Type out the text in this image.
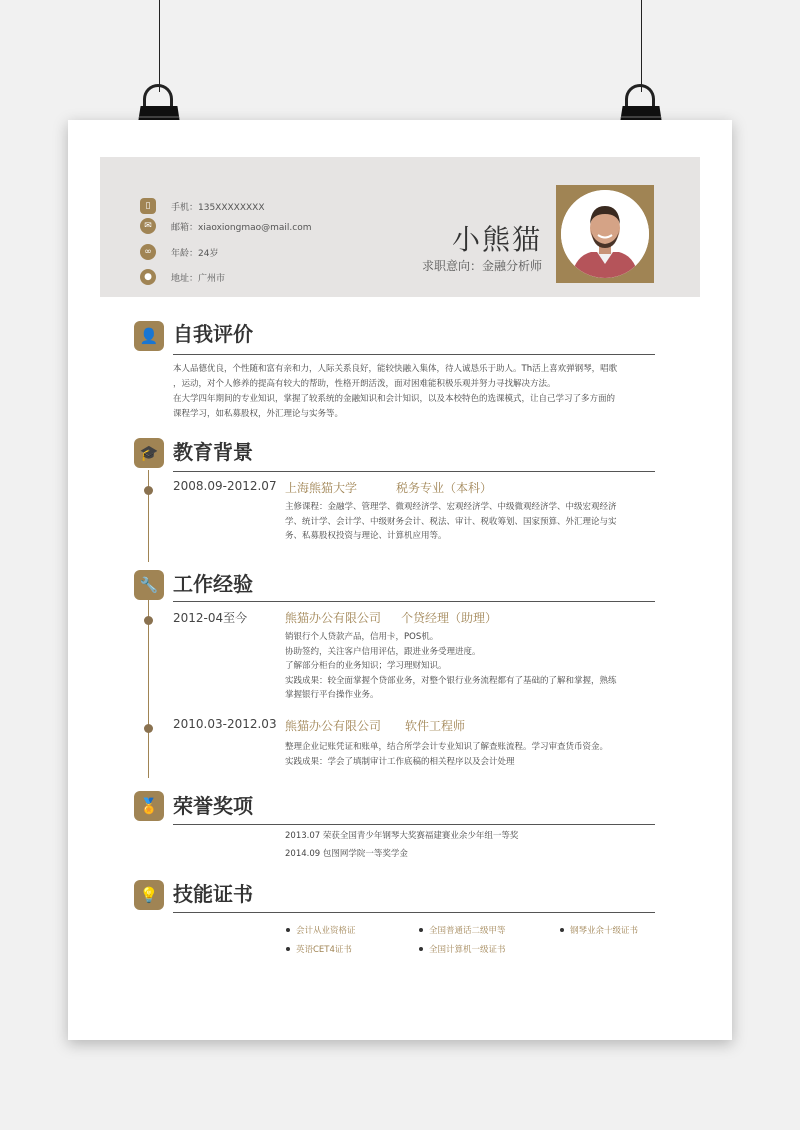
▯	手机：135XXXXXXXX
✉	邮箱：xiaoxiongmao@mail.com
∞	年龄：24岁
●	地址：广州市
小熊猫
求职意向：金融分析师
👤 自我评价
本人品德优良，个性随和富有亲和力，人际关系良好，能较快融入集体，待人诚恳乐于助人。Th活上喜欢弹钢琴，唱歌
，运动，对个人修养的提高有较大的帮助，性格开朗活泼，面对困难能积极乐观并努力寻找解决方法。
在大学四年期间的专业知识，掌握了较系统的金融知识和会计知识，以及本校特色的选课模式，让自己学习了多方面的
课程学习，如私募股权，外汇理论与实务等。
🎓 教育背景
2008.09-2012.07 上海熊猫大学	税务专业（本科）
主修课程：金融学、管理学、微观经济学、宏观经济学、中级微观经济学、中级宏观经济
学、统计学、会计学、中级财务会计、税法、审计、税收筹划、国家预算、外汇理论与实
务、私募股权投资与理论、计算机应用等。
🔧 工作经验
2012-04至今	熊猫办公有限公司 个贷经理（助理）
销银行个人贷款产品，信用卡，POS机。
协助签约，关注客户信用评估，跟进业务受理进度。
了解部分柜台的业务知识；学习理财知识。
实践成果：较全面掌握个贷部业务，对整个银行业务流程都有了基础的了解和掌握，熟练
掌握银行平台操作业务。
2010.03-2012.03 熊猫办公有限公司 软件工程师
整理企业记账凭证和账单，结合所学会计专业知识了解查账流程。学习审查货币资金。
实践成果：学会了填制审计工作底稿的相关程序以及会计处理
🏅 荣誉奖项
2013.07 荣获全国青少年钢琴大奖赛福建赛业余少年组一等奖
2014.09 包图网学院一等奖学金
💡 技能证书
会计从业资格证	全国普通话二级甲等	钢琴业余十级证书
英语CET4证书	全国计算机一级证书
